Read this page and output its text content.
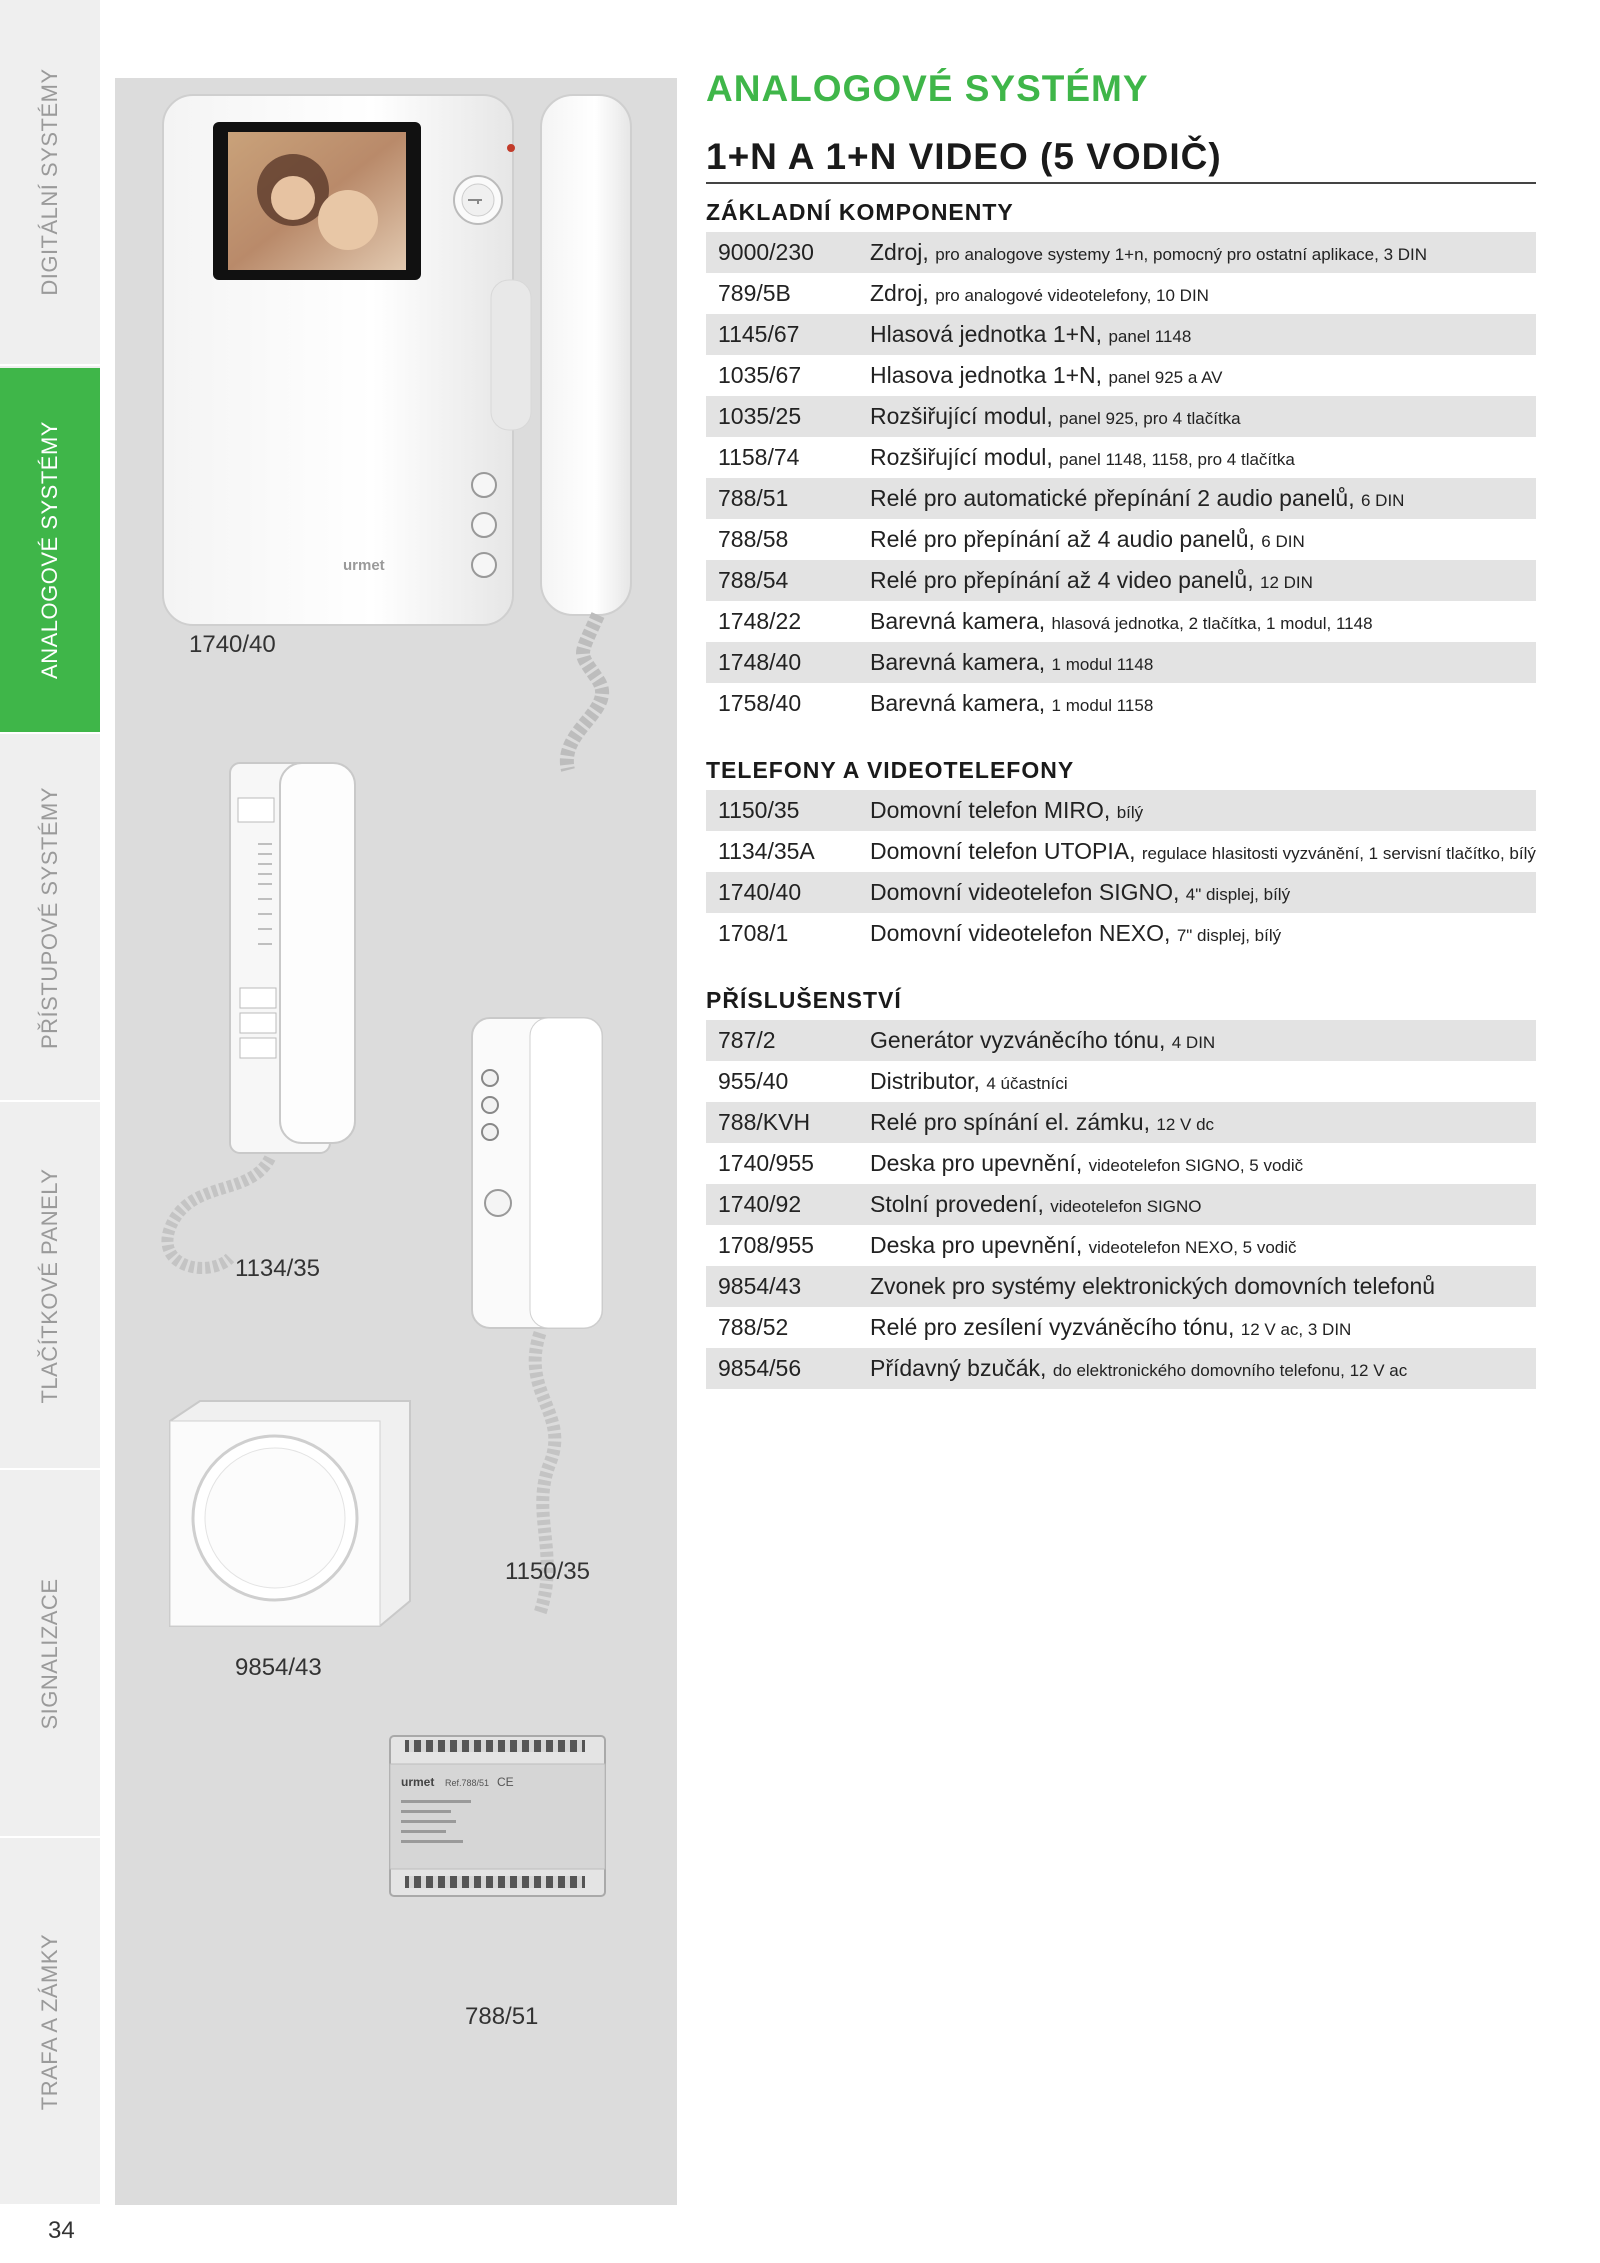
DIGITÁLNÍ SYSTÉMY
ANALOGOVÉ SYSTÉMY
PŘÍSTUPOVÉ SYSTÉMY
TLAČÍTKOVÉ PANELY
SIGNALIZACE
TRAFA A ZÁMKY
34
urmet
1740/40
1134/35
1150/35
9854/43
urmet Ref.788/51 CE
788/51
ANALOGOVÉ SYSTÉMY
1+N A 1+N VIDEO (5 VODIČ)
ZÁKLADNÍ KOMPONENTY
9000/230	Zdroj, pro analogove systemy 1+n, pomocný pro ostatní aplikace, 3 DIN
789/5B	Zdroj, pro analogové videotelefony, 10 DIN
1145/67	Hlasová jednotka 1+N, panel 1148
1035/67	Hlasova jednotka 1+N, panel 925 a AV
1035/25	Rozšiřující modul, panel 925, pro 4 tlačítka
1158/74	Rozšiřující modul, panel 1148, 1158, pro 4 tlačítka
788/51	Relé pro automatické přepínání 2 audio panelů, 6 DIN
788/58	Relé pro přepínání až 4 audio panelů, 6 DIN
788/54	Relé pro přepínání až 4 video panelů, 12 DIN
1748/22	Barevná kamera, hlasová jednotka, 2 tlačítka, 1 modul, 1148
1748/40	Barevná kamera, 1 modul 1148
1758/40	Barevná kamera, 1 modul 1158
TELEFONY A VIDEOTELEFONY
1150/35	Domovní telefon MIRO, bílý
1134/35A	Domovní telefon UTOPIA, regulace hlasitosti vyzvánění, 1 servisní tlačítko, bílý
1740/40	Domovní videotelefon SIGNO, 4" displej, bílý
1708/1	Domovní videotelefon NEXO, 7" displej, bílý
PŘÍSLUŠENSTVÍ
787/2	Generátor vyzváněcího tónu, 4 DIN
955/40	Distributor, 4 účastníci
788/KVH	Relé pro spínání el. zámku, 12 V dc
1740/955	Deska pro upevnění, videotelefon SIGNO, 5 vodič
1740/92	Stolní provedení, videotelefon SIGNO
1708/955	Deska pro upevnění, videotelefon NEXO, 5 vodič
9854/43	Zvonek pro systémy elektronických domovních telefonů
788/52	Relé pro zesílení vyzváněcího tónu, 12 V ac, 3 DIN
9854/56	Přídavný bzučák, do elektronického domovního telefonu, 12 V ac
